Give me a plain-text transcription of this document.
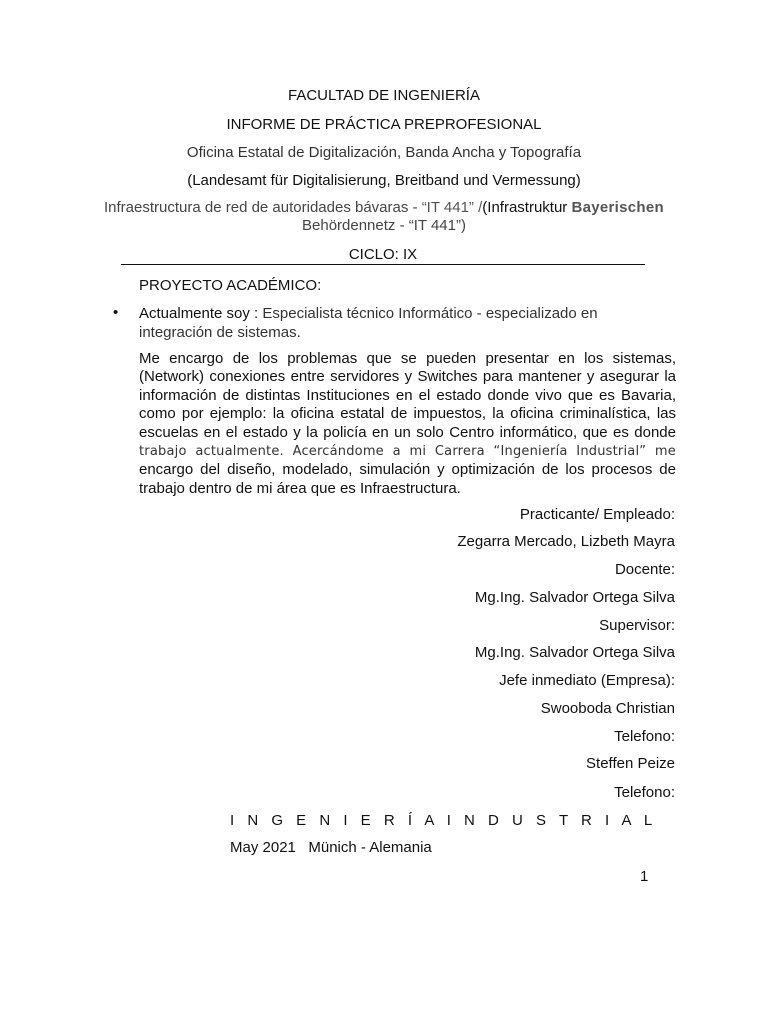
FACULTAD DE INGENIERÍA
INFORME DE PRÁCTICA PREPROFESIONAL
Oficina Estatal de Digitalización, Banda Ancha y Topografía
(Landesamt für Digitalisierung, Breitband und Vermessung)
Infraestructura de red de autoridades bávaras - “IT 441” /(Infrastruktur Bayerischen
Behördennetz - “IT 441”)
CICLO: IX
PROYECTO ACADÉMICO:
• Actualmente soy : Especialista técnico Informático - especializado en integración de sistemas.
Me encargo de los problemas que se pueden presentar en los sistemas, (Network) conexiones entre servidores y Switches para mantener y asegurar la información de distintas Instituciones en el estado donde vivo que es Bavaria, como por ejemplo: la oficina estatal de impuestos, la oficina criminalística, las escuelas en el estado y la policía en un solo Centro informático, que es donde trabajo actualmente. Acercándome a mi Carrera “Ingeniería Industrial” me encargo del diseño, modelado, simulación y optimización de los procesos de trabajo dentro de mi área que es Infraestructura.
Practicante/ Empleado:
Zegarra Mercado, Lizbeth Mayra
Docente:
Mg.Ing. Salvador Ortega Silva
Supervisor:
Mg.Ing. Salvador Ortega Silva
Jefe inmediato (Empresa):
Swooboda Christian
Telefono:
Steffen Peize
Telefono:
I N G E N I E R Í A I N D U S T R I A L
May 2021   Münich - Alemania
1
